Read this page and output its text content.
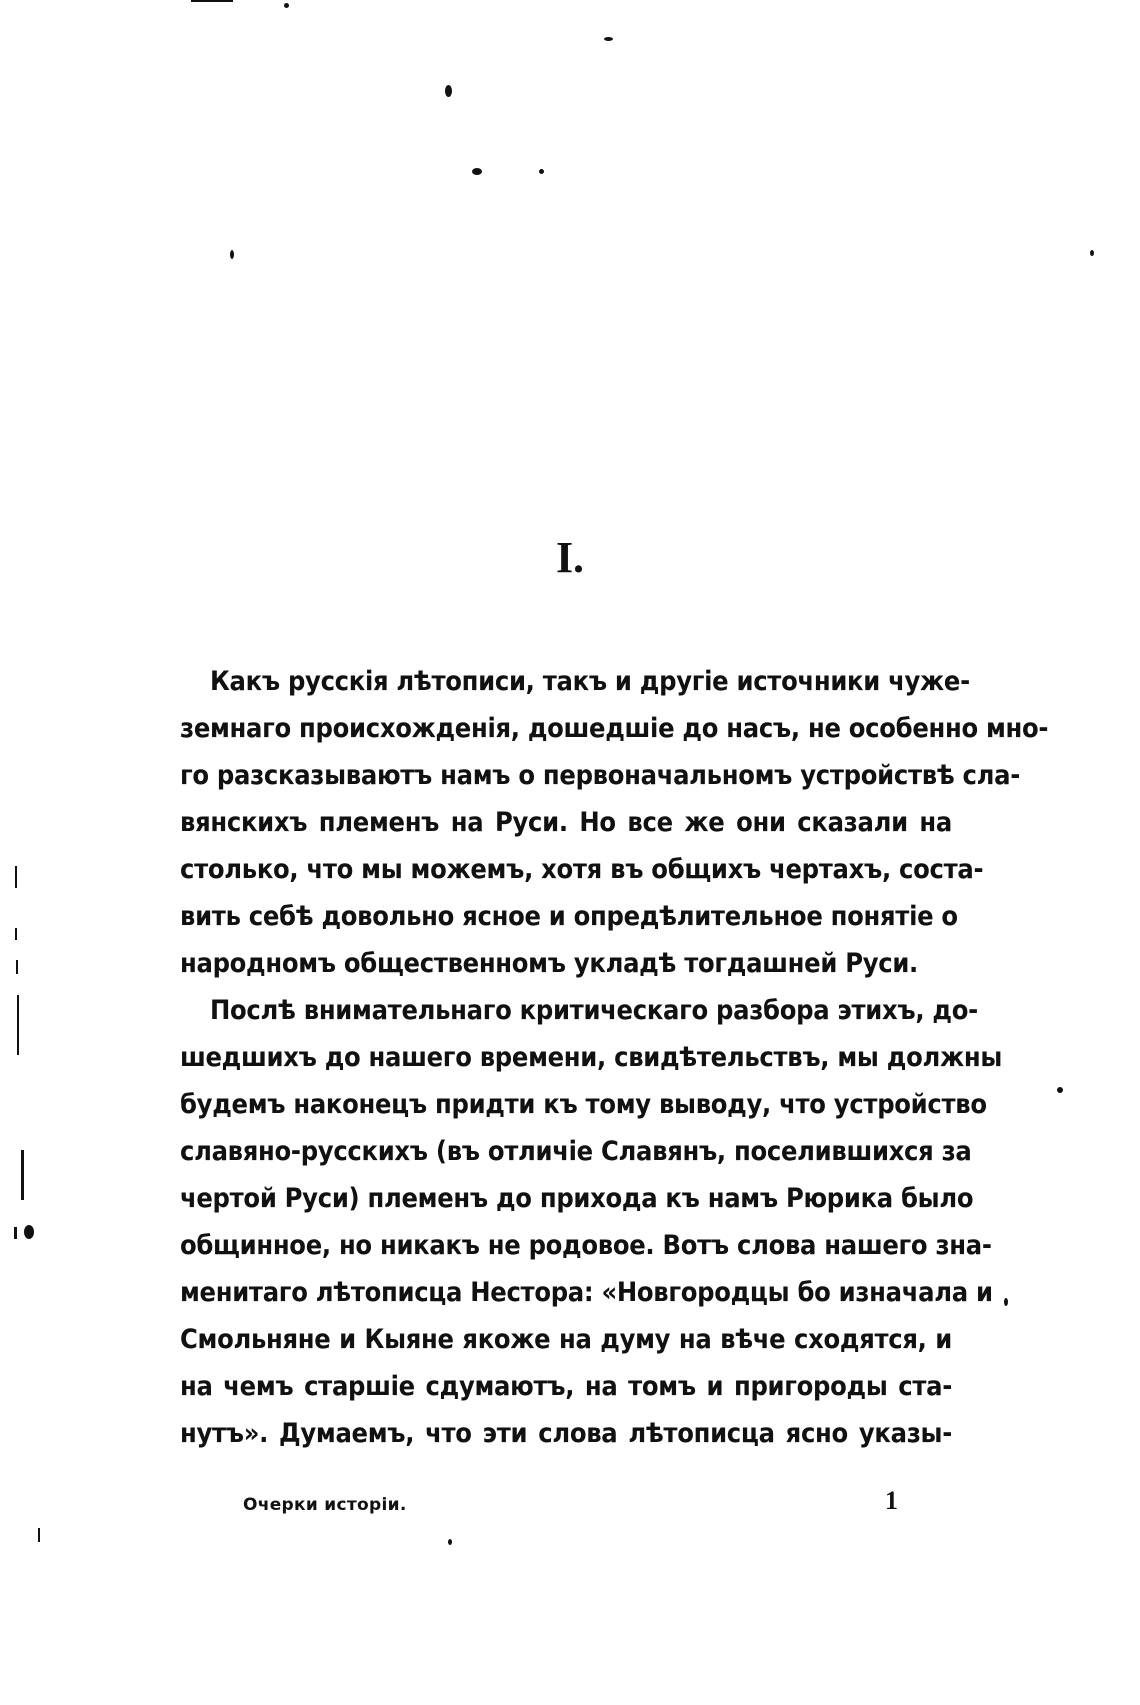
I.
Какъ русскія лѣтописи, такъ и другіе источники чуже-
земнаго происхожденія, дошедшіе до насъ, не особенно мно-
го разсказываютъ намъ о первоначальномъ устройствѣ сла-
вянскихъ племенъ на Руси. Но все же они сказали на
столько, что мы можемъ, хотя въ общихъ чертахъ, соста-
вить себѣ довольно ясное и опредѣлительное понятіе о
народномъ общественномъ укладѣ тогдашней Руси.
Послѣ внимательнаго критическаго разбора этихъ, до-
шедшихъ до нашего времени, свидѣтельствъ, мы должны
будемъ наконецъ придти къ тому выводу, что устройство
славяно-русскихъ (въ отличіе Славянъ, поселившихся за
чертой Руси) племенъ до прихода къ намъ Рюрика было
общинное, но никакъ не родовое. Вотъ слова нашего зна-
менитаго лѣтописца Нестора: «Новгородцы бо изначала и
Смольняне и Кыяне якоже на думу на вѣче сходятся, и
на чемъ старшіе сдумаютъ, на томъ и пригороды ста-
нутъ». Думаемъ, что эти слова лѣтописца ясно указы-
Очерки исторіи.	1
